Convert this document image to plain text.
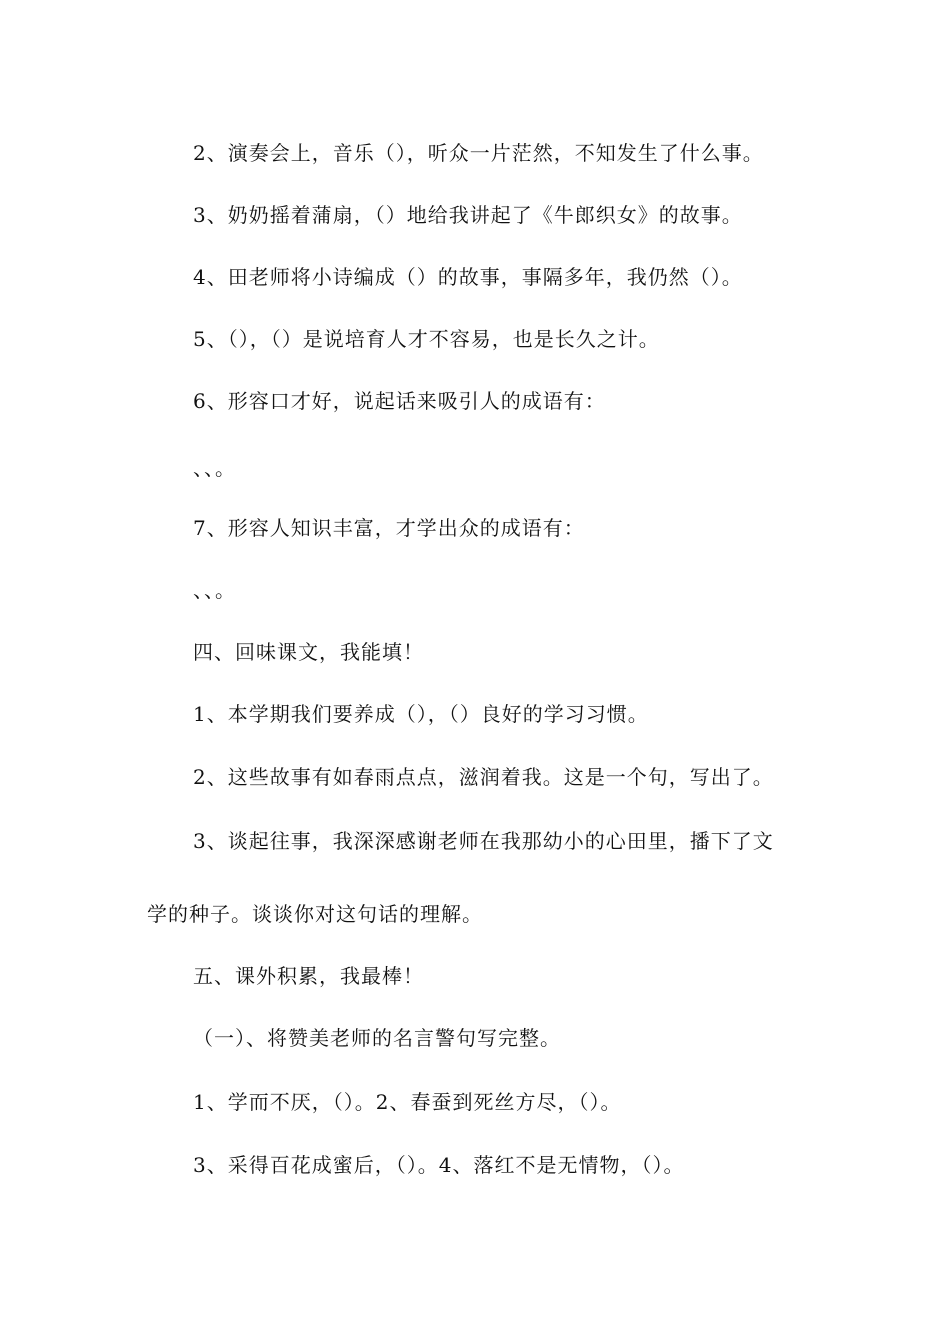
2、演奏会上，音乐（），听众一片茫然，不知发生了什么事。
3、奶奶摇着蒲扇，（）地给我讲起了《牛郎织女》的故事。
4、田老师将小诗编成（）的故事，事隔多年，我仍然（）。
5、（），（）是说培育人才不容易，也是长久之计。
6、形容口才好，说起话来吸引人的成语有：
、、。
7、形容人知识丰富，才学出众的成语有：
、、。
四、回味课文，我能填！
1、本学期我们要养成（），（）良好的学习习惯。
2、这些故事有如春雨点点，滋润着我。这是一个句，写出了。
3、谈起往事，我深深感谢老师在我那幼小的心田里，播下了文
学的种子。谈谈你对这句话的理解。
五、课外积累，我最棒！
（一）、将赞美老师的名言警句写完整。
1、学而不厌，（）。2、春蚕到死丝方尽，（）。
3、采得百花成蜜后，（）。4、落红不是无情物，（）。
